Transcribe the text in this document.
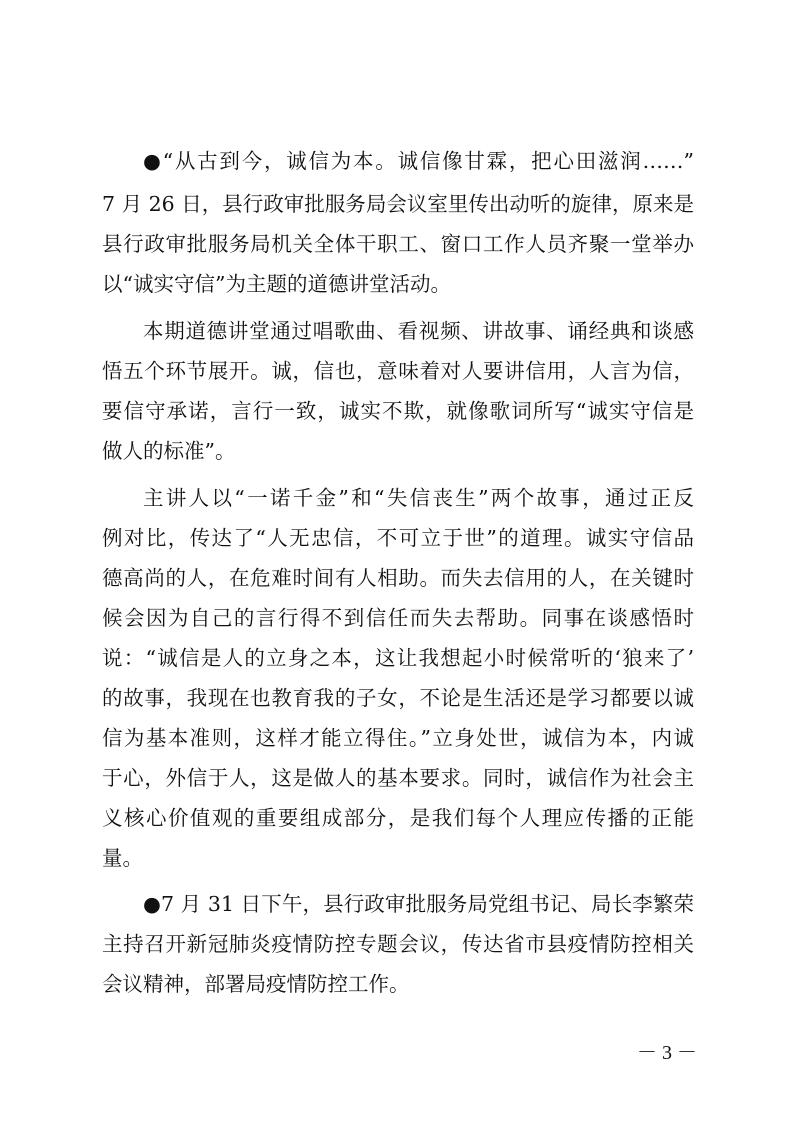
●“从古到今，诚信为本。诚信像甘霖，把心田滋润……”
7 月 26 日，县行政审批服务局会议室里传出动听的旋律，原来是
县行政审批服务局机关全体干职工、窗口工作人员齐聚一堂举办
以“诚实守信”为主题的道德讲堂活动。
本期道德讲堂通过唱歌曲、看视频、讲故事、诵经典和谈感
悟五个环节展开。诚，信也，意味着对人要讲信用，人言为信，
要信守承诺，言行一致，诚实不欺，就像歌词所写“诚实守信是
做人的标准”。
主讲人以“一诺千金”和“失信丧生”两个故事，通过正反
例对比，传达了“人无忠信，不可立于世”的道理。诚实守信品
德高尚的人，在危难时间有人相助。而失去信用的人，在关键时
候会因为自己的言行得不到信任而失去帮助。同事在谈感悟时
说：“诚信是人的立身之本，这让我想起小时候常听的‘狼来了’
的故事，我现在也教育我的子女，不论是生活还是学习都要以诚
信为基本准则，这样才能立得住。”立身处世，诚信为本，内诚
于心，外信于人，这是做人的基本要求。同时，诚信作为社会主
义核心价值观的重要组成部分，是我们每个人理应传播的正能
量。
●7 月 31 日下午，县行政审批服务局党组书记、局长李繁荣
主持召开新冠肺炎疫情防控专题会议，传达省市县疫情防控相关
会议精神，部署局疫情防控工作。
－ 3 －
